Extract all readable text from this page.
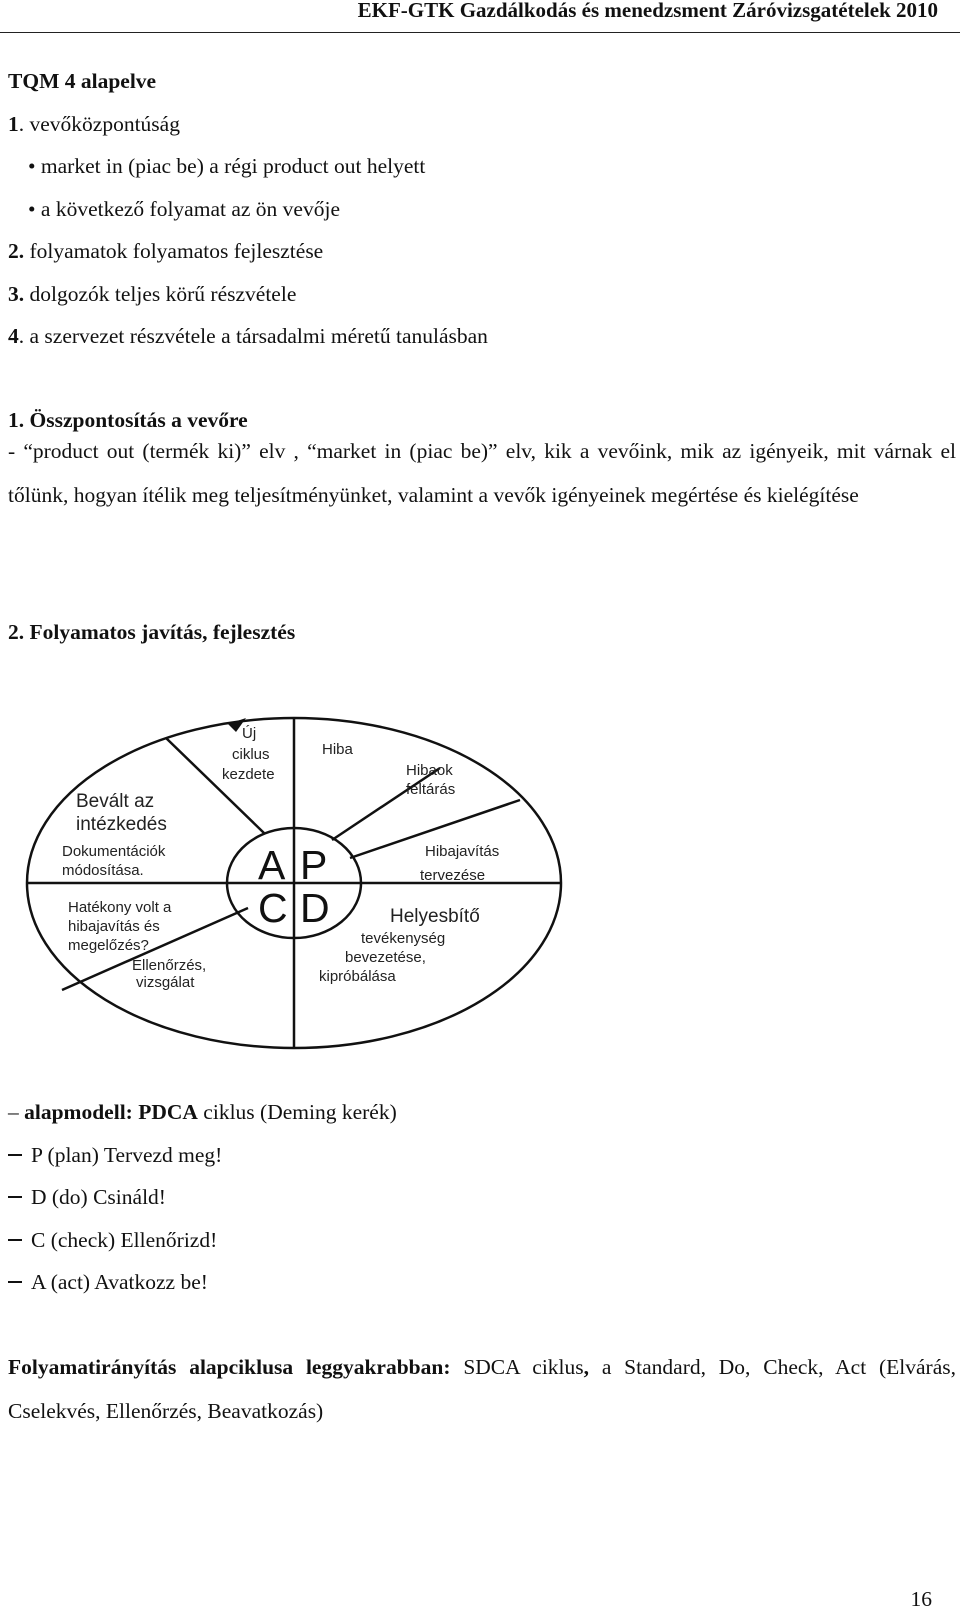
EKF-GTK Gazdálkodás és menedzsment Záróvizsgatételek 2010
TQM 4 alapelve
1. vevőközpontúság
• market in (piac be) a régi product out helyett
• a következő folyamat az ön vevője
2. folyamatok folyamatos fejlesztése
3. dolgozók teljes körű részvétele
4. a szervezet részvétele a társadalmi méretű tanulásban
1. Összpontosítás a vevőre
- “product out (termék ki)” elv , “market in (piac be)” elv, kik a vevőink, mik az igényeik, mit várnak el tőlünk, hogyan ítélik meg teljesítményünket, valamint a vevők igényeinek megértése és kielégítése
2. Folyamatos javítás, fejlesztés
A P
C D
Új
ciklus
kezdete
Hiba
Hibaok
feltárás
Hibajavítás
tervezése
Bevált az
intézkedés
Dokumentációk
módosítása.
Hatékony volt a
hibajavítás és
megelőzés?
Ellenőrzés,
vizsgálat
Helyesbítő
tevékenység
bevezetése,
kipróbálása
– alapmodell: PDCA ciklus (Deming kerék)
P (plan) Tervezd meg!
D (do) Csináld!
C (check) Ellenőrizd!
A (act) Avatkozz be!
Folyamatirányítás alapciklusa leggyakrabban: SDCA ciklus, a Standard, Do, Check, Act (Elvárás, Cselekvés, Ellenőrzés, Beavatkozás)
16
